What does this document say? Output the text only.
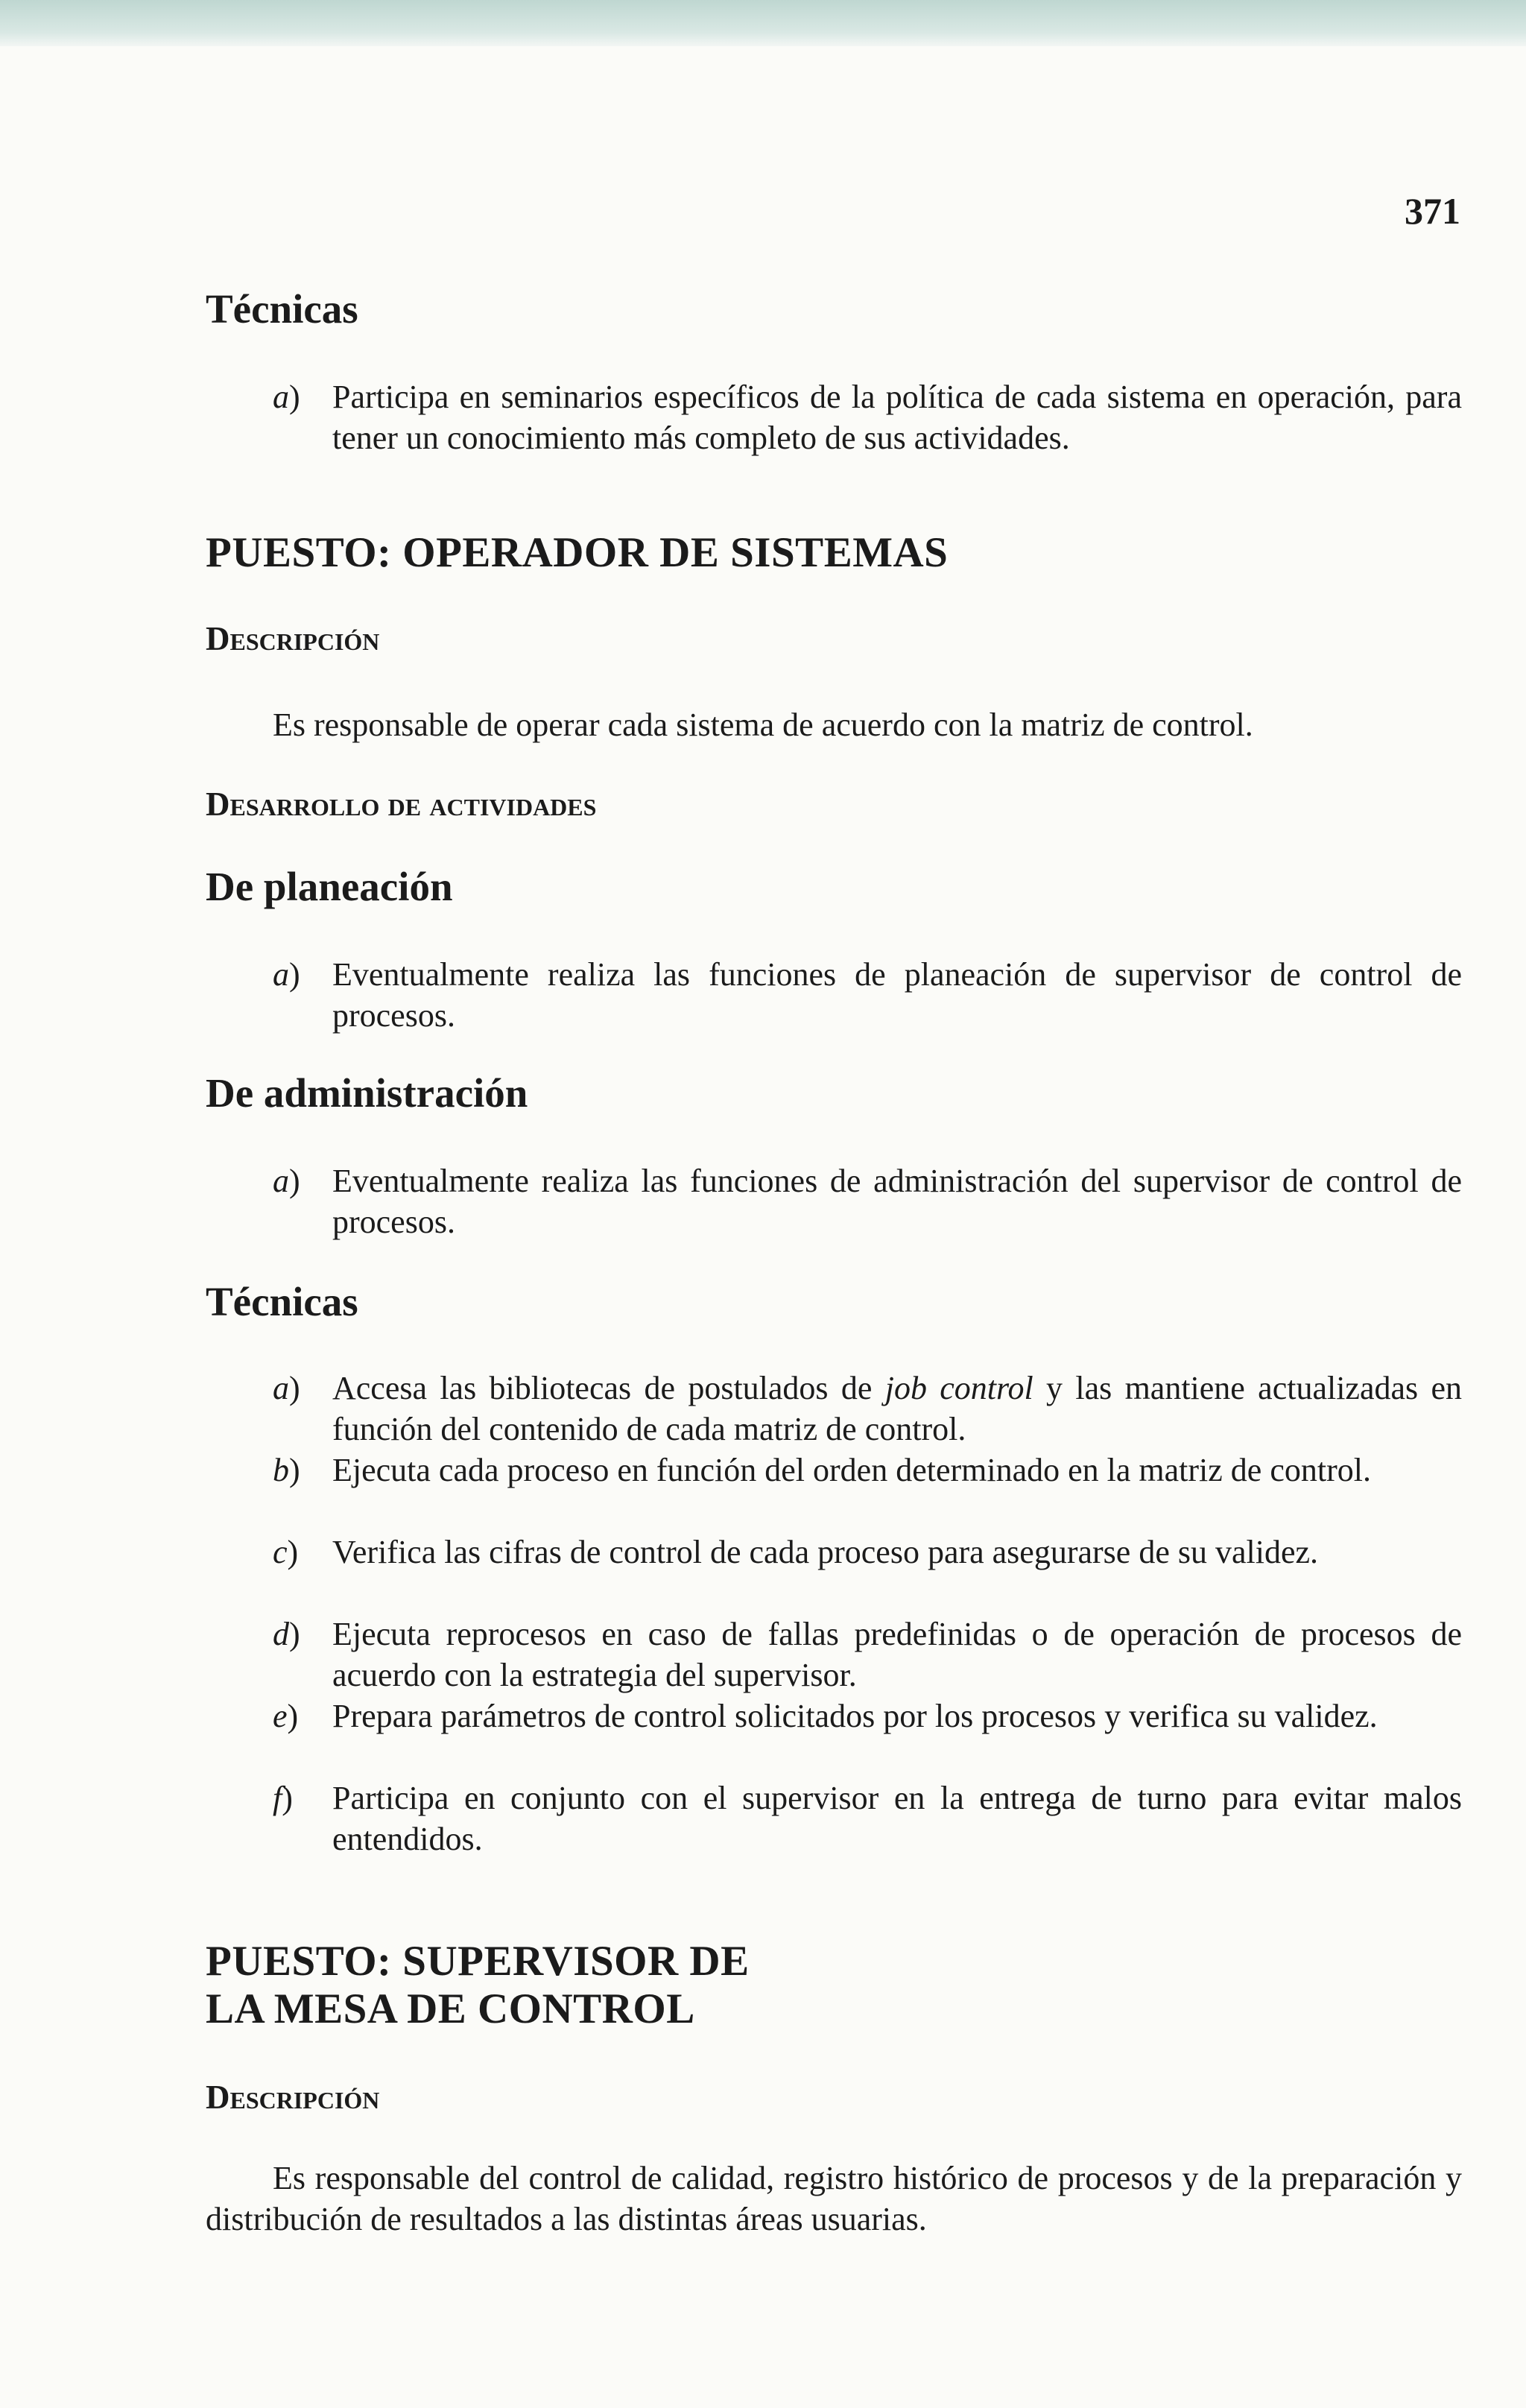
371
Técnicas
a) Participa en seminarios específicos de la política de cada sistema en operación, para tener un conocimiento más completo de sus actividades.
PUESTO: OPERADOR DE SISTEMAS
Descripción

Es responsable de operar cada sistema de acuerdo con la matriz de control.

Desarrollo de actividades
De planeación
a) Eventualmente realiza las funciones de planeación de supervisor de control de procesos.
De administración
a) Eventualmente realiza las funciones de administración del supervisor de control de procesos.
Técnicas
a) Accesa las bibliotecas de postulados de job control y las mantiene actualizadas en función del contenido de cada matriz de control.
b) Ejecuta cada proceso en función del orden determinado en la matriz de control.
c)	Verifica las cifras de control de cada proceso para asegurarse de su validez.
d) Ejecuta reprocesos en caso de fallas predefinidas o de operación de procesos de acuerdo con la estrategia del supervisor.
e)	Prepara parámetros de control solicitados por los procesos y verifica su validez.
f)	Participa en conjunto con el supervisor en la entrega de turno para evitar malos entendidos.
PUESTO: SUPERVISOR DE
LA MESA DE CONTROL
Descripción

Es responsable del control de calidad, registro histórico de procesos y de la preparación y distribución de resultados a las distintas áreas usuarias.
